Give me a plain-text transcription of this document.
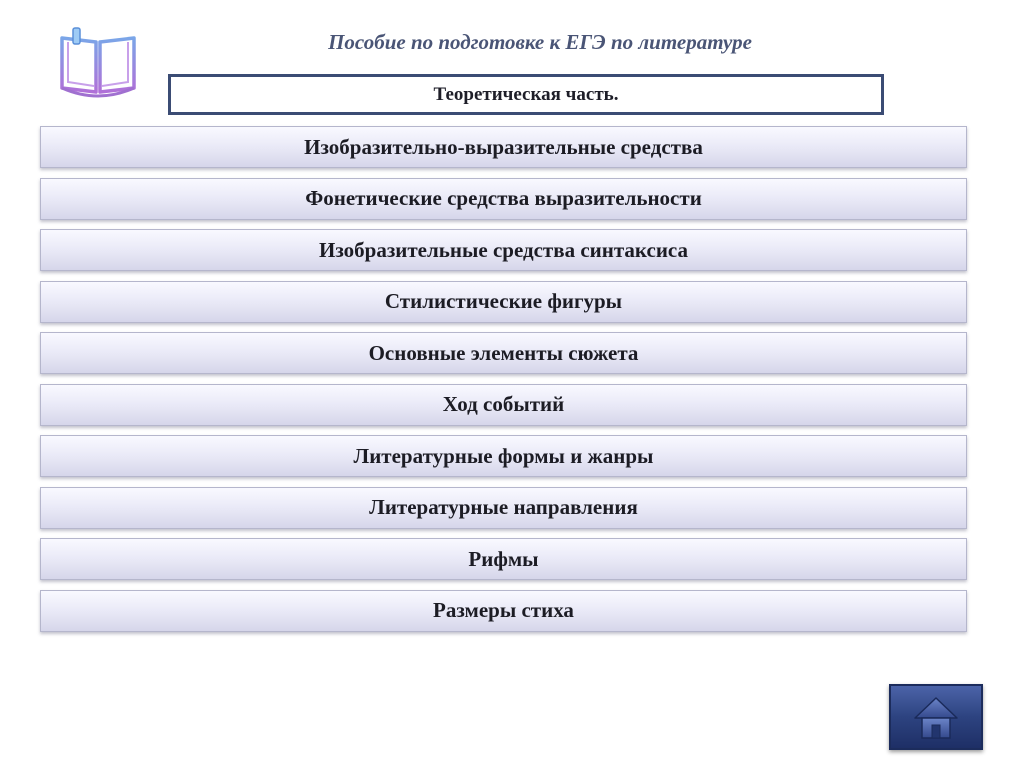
Пособие по подготовке к ЕГЭ по литературе
Теоретическая часть.
Изобразительно-выразительные средства
Фонетические средства выразительности
Изобразительные средства синтаксиса
Стилистические фигуры
Основные элементы сюжета
Ход событий
Литературные формы и жанры
Литературные направления
Рифмы
Размеры стиха
